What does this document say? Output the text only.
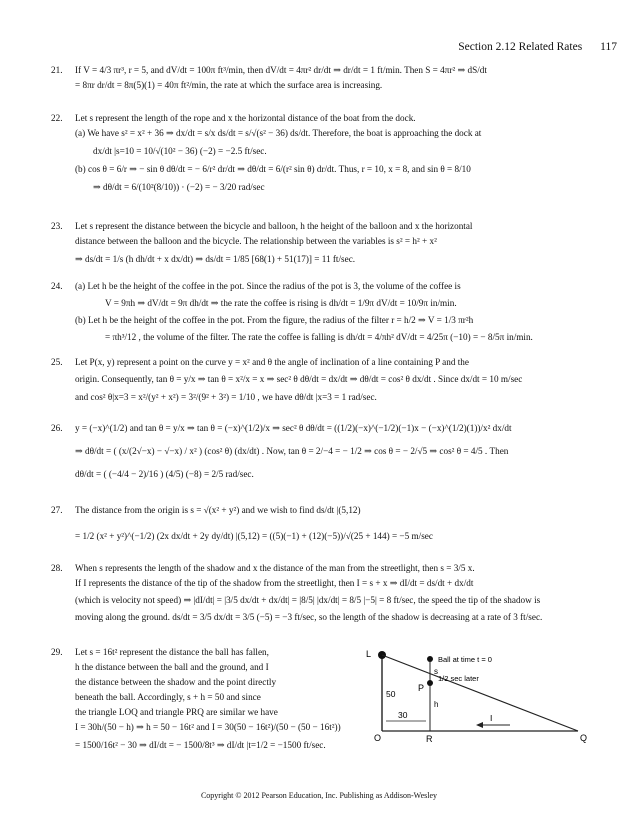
Section 2.12 Related Rates 117
21. If V = 4/3 πr³, r = 5, and dV/dt = 100π ft³/min, then dV/dt = 4πr² dr/dt ⇒ dr/dt = 1 ft/min. Then S = 4πr² ⇒ dS/dt
= 8πr dr/dt = 8π(5)(1) = 40π ft²/min, the rate at which the surface area is increasing.
22. Let s represent the length of the rope and x the horizontal distance of the boat from the dock.
(a) We have s² = x² + 36 ⇒ dx/dt = s/x ds/dt = s/√(s² − 36) ds/dt. Therefore, the boat is approaching the dock at
dx/dt |s=10 = 10/√(10² − 36) (−2) = −2.5 ft/sec.
(b) cos θ = 6/r ⇒ − sin θ dθ/dt = − 6/r² dr/dt ⇒ dθ/dt = 6/(r² sin θ) dr/dt. Thus, r = 10, x = 8, and sin θ = 8/10
⇒ dθ/dt = 6/(10²(8/10)) · (−2) = − 3/20 rad/sec
23. Let s represent the distance between the bicycle and balloon, h the height of the balloon and x the horizontal
distance between the balloon and the bicycle. The relationship between the variables is s² = h² + x²
⇒ ds/dt = 1/s (h dh/dt + x dx/dt) ⇒ ds/dt = 1/85 [68(1) + 51(17)] = 11 ft/sec.
24. (a) Let h be the height of the coffee in the pot. Since the radius of the pot is 3, the volume of the coffee is
V = 9πh ⇒ dV/dt = 9π dh/dt ⇒ the rate the coffee is rising is dh/dt = 1/9π dV/dt = 10/9π in/min.
(b) Let h be the height of the coffee in the pot. From the figure, the radius of the filter r = h/2 ⇒ V = 1/3 πr²h
= πh³/12 , the volume of the filter. The rate the coffee is falling is dh/dt = 4/πh² dV/dt = 4/25π (−10) = − 8/5π in/min.
25. Let P(x, y) represent a point on the curve y = x² and θ the angle of inclination of a line containing P and the
origin. Consequently, tan θ = y/x ⇒ tan θ = x²/x = x ⇒ sec² θ dθ/dt = dx/dt ⇒ dθ/dt = cos² θ dx/dt . Since dx/dt = 10 m/sec
and cos² θ|x=3 = x²/(y² + x²) = 3²/(9² + 3²) = 1/10 , we have dθ/dt |x=3 = 1 rad/sec.
26. y = (−x)^(1/2) and tan θ = y/x ⇒ tan θ = (−x)^(1/2)/x ⇒ sec² θ dθ/dt = ((1/2)(−x)^(−1/2)(−1)x − (−x)^(1/2)(1))/x² dx/dt
⇒ dθ/dt = ( (x/(2√−x) − √−x) / x² ) (cos² θ) (dx/dt) . Now, tan θ = 2/−4 = − 1/2 ⇒ cos θ = − 2/√5 ⇒ cos² θ = 4/5 . Then
dθ/dt = ( (−4/4 − 2)/16 ) (4/5) (−8) = 2/5 rad/sec.
27. The distance from the origin is s = √(x² + y²) and we wish to find ds/dt |(5,12)
= 1/2 (x² + y²)^(−1/2) (2x dx/dt + 2y dy/dt) |(5,12) = ((5)(−1) + (12)(−5))/√(25 + 144) = −5 m/sec
28. When s represents the length of the shadow and x the distance of the man from the streetlight, then s = 3/5 x.
If I represents the distance of the tip of the shadow from the streetlight, then I = s + x ⇒ dI/dt = ds/dt + dx/dt
(which is velocity not speed) ⇒ |dI/dt| = |3/5 dx/dt + dx/dt| = |8/5| |dx/dt| = 8/5 |−5| = 8 ft/sec, the speed the tip of the shadow is
moving along the ground. ds/dt = 3/5 dx/dt = 3/5 (−5) = −3 ft/sec, so the length of the shadow is decreasing at a rate of 3 ft/sec.
29. Let s = 16t² represent the distance the ball has fallen,
h the distance between the ball and the ground, and I
the distance between the shadow and the point directly
beneath the ball. Accordingly, s + h = 50 and since
the triangle LOQ and triangle PRQ are similar we have
I = 30h/(50 − h) ⇒ h = 50 − 16t² and I = 30(50 − 16t²)/(50 − (50 − 16t²))
= 1500/16t² − 30 ⇒ dI/dt = − 1500/8t³ ⇒ dI/dt |t=1/2 = −1500 ft/sec.
L
Ball at time t = 0
s
1/2 sec later
P
50
h
30	I
O	R	Q
Copyright © 2012 Pearson Education, Inc. Publishing as Addison-Wesley
